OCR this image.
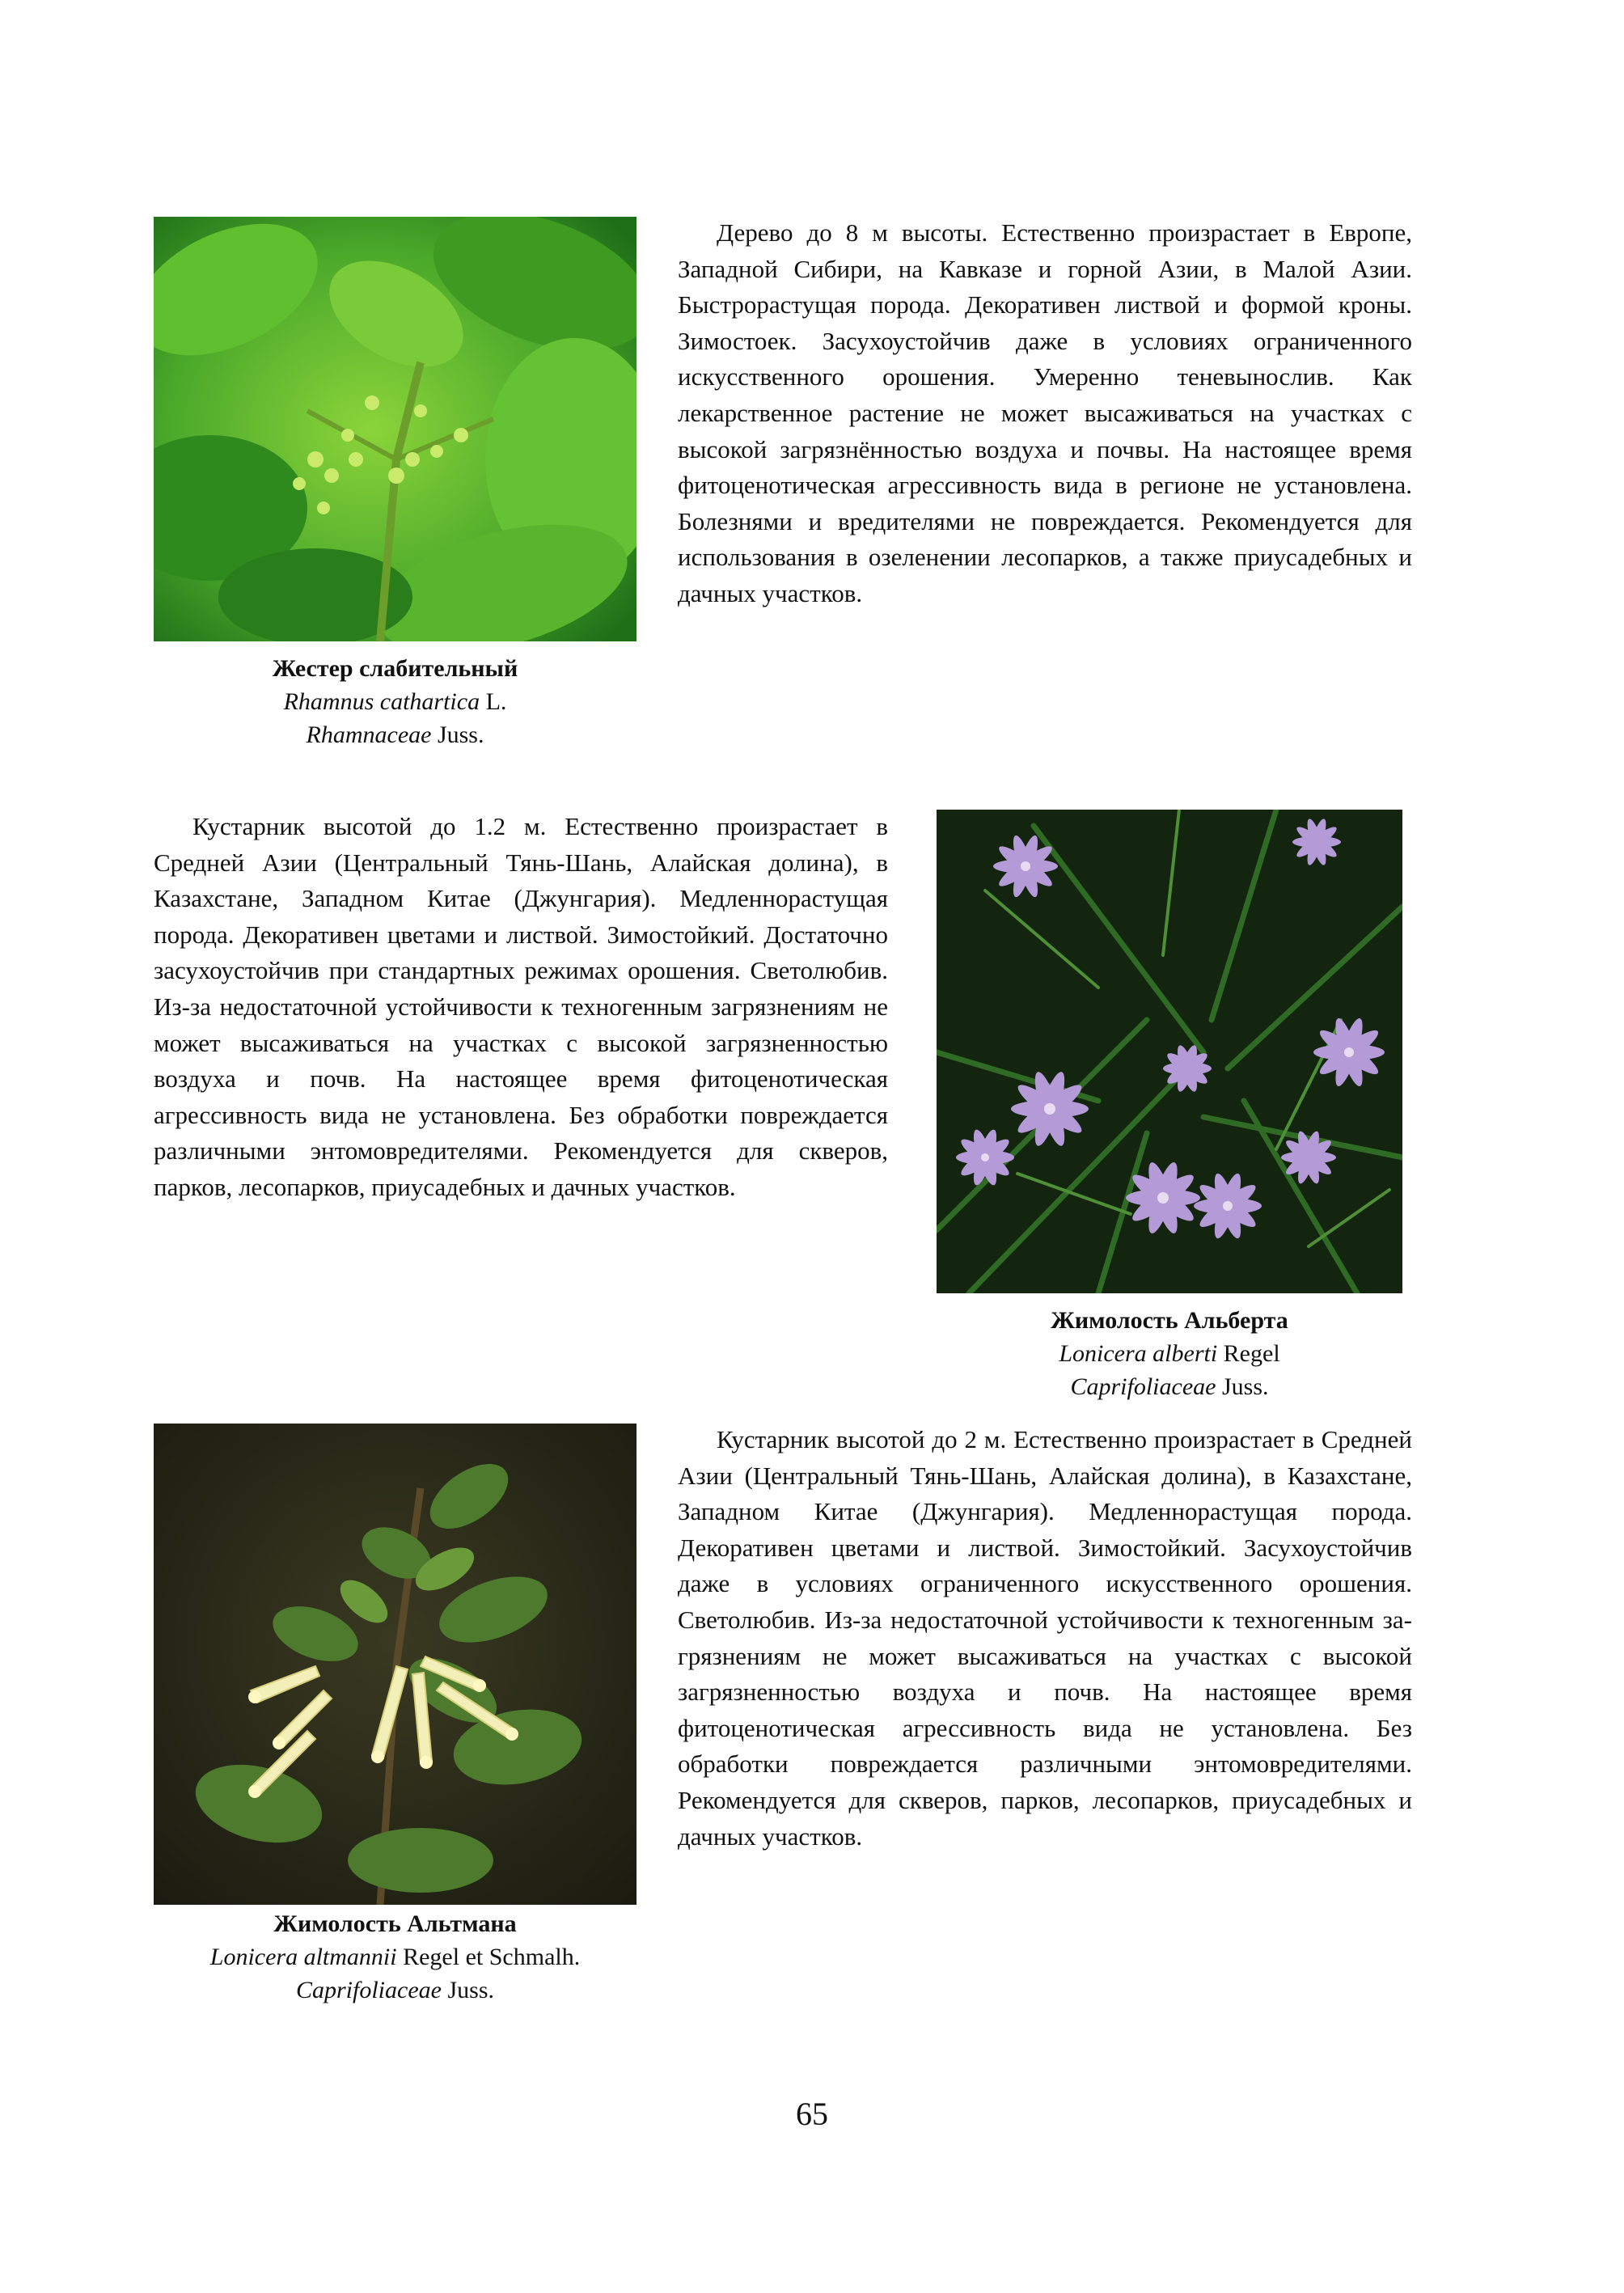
Жестер слабительный
Rhamnus cathartica L.
Rhamnaceae Juss.

Дерево до 8 м высоты. Естественно произрастает в Европе, Западной Сибири, на Кавказе и горной Азии, в Малой Азии. Быстрорастущая порода. Декоративен листвой и формой кроны. Зимостоек. Засухоустойчив даже в условиях ограниченного искусственного орошения. Умеренно теневынослив. Как лекарственное растение не может высаживаться на участках с высокой загрязнённостью воздуха и почвы. На настоящее время фитоценотическая агрессивность вида в регионе не установлена. Болезнями и вредителями не повреждается. Рекомендуется для использования в озеленении лесопарков, а также приусадебных и дачных участков.

Кустарник высотой до 1.2 м. Естественно произрастает в Средней Азии (Центральный Тянь-Шань, Алайская долина), в Казахстане, Западном Китае (Джунгария). Медленнорастущая порода. Декоративен цветами и листвой. Зимостойкий. Достаточно засухоустойчив при стандартных режимах орошения. Светолюбив. Из-за недостаточной устойчивости к техногенным загрязнениям не может высаживаться на участках с высокой загрязненностью воздуха и почв. На настоящее время фитоценотическая агрессивность вида не установлена. Без обработки повреждается различными энтомовредителями. Рекомендуется для скверов, парков, лесопарков, приусадебных и дачных участков.

Жимолость Альберта
Lonicera alberti Regel
Caprifoliaceae Juss.
Жимолость Альтмана
Lonicera altmannii Regel et Schmalh.
Caprifoliaceae Juss.

Кустарник высотой до 2 м. Естественно произрастает в Средней Азии (Центральный Тянь-Шань, Алайская долина), в Казахстане, Западном Китае (Джунгария). Медленнорастущая порода. Декоративен цветами и листвой. Зимостойкий. Засухоустойчив даже в условиях ограниченного искусственного орошения. Светолюбив. Из-за недостаточной устойчивости к техногенным загрязнениям не может высаживаться на участках с высокой загрязненностью воздуха и почв. На настоящее время фитоценотическая агрессивность вида не установлена. Без обработки повреждается различными энтомовредителями. Рекомендуется для скверов, парков, лесопарков, приусадебных и дачных участков.

65
